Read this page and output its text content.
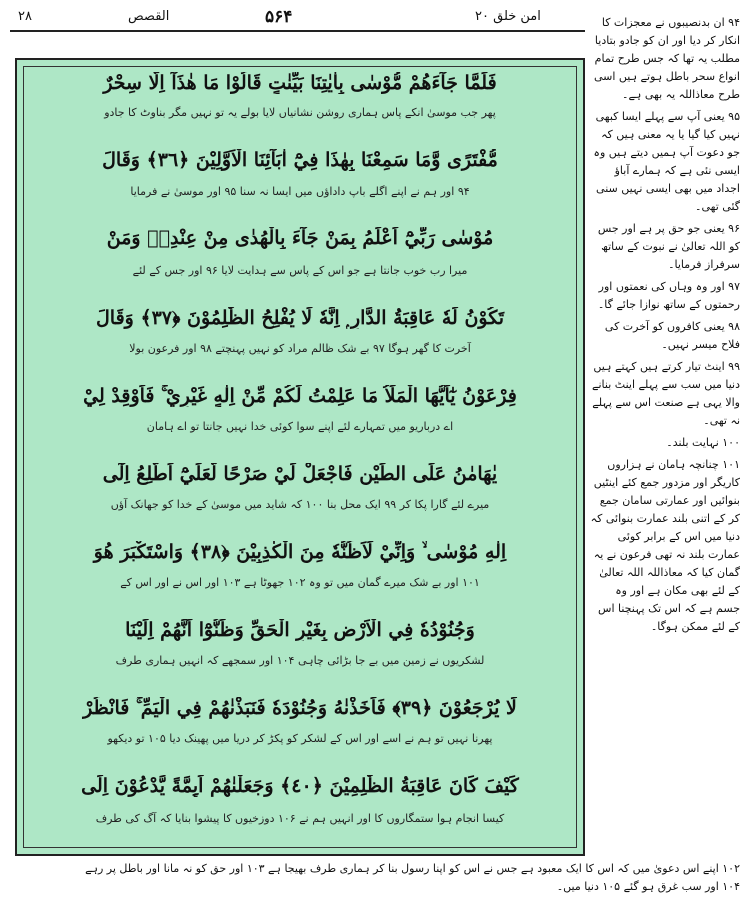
۲۸	القصص	۵۶۴	امن خلق ۲۰
فَلَمَّا جَآءَهُمْ مُّوْسٰى بِاٰيٰتِنَا بَيِّنٰتٍ قَالُوْا مَا هٰذَآ اِلَّا سِحْرٌ
پھر جب موسیٰ انکے پاس ہماری روشن نشانیاں لایا بولے یہ تو نہیں مگر بناوٹ کا جادو
مُّفْتَرًى وَّمَا سَمِعْنَا بِهٰذَا فِيْٓ اٰبَآئِنَا الْاَوَّلِيْنَ ﴿٣٦﴾ وَقَالَ
۹۴ اور ہم نے اپنے اگلے باپ داداؤں میں ایسا نہ سنا ۹۵ اور موسیٰ نے فرمایا
مُوْسٰى رَبِّيْٓ اَعْلَمُ بِمَنْ جَآءَ بِالْهُدٰى مِنْ عِنْدِهٖ وَمَنْ
میرا رب خوب جانتا ہے جو اس کے پاس سے ہدایت لایا ۹۶ اور جس کے لئے
تَكُوْنُ لَهٗ عَاقِبَةُ الدَّارِ ۭ اِنَّهٗ لَا يُفْلِحُ الظّٰلِمُوْنَ ﴿٣٧﴾ وَقَالَ
آخرت کا گھر ہوگا ۹۷ بے شک ظالم مراد کو نہیں پہنچتے ۹۸ اور فرعون بولا
فِرْعَوْنُ يٰٓاَيُّهَا الْمَلَاُ مَا عَلِمْتُ لَكُمْ مِّنْ اِلٰهٍ غَيْرِيْ ۚ فَاَوْقِدْ لِيْ
اے درباریو میں تمہارے لئے اپنے سوا کوئی خدا نہیں جانتا تو اے ہامان
يٰهَامٰنُ عَلَى الطِّيْنِ فَاجْعَلْ لِّيْ صَرْحًا لَّعَلِّيْٓ اَطَّلِعُ اِلٰٓى
میرے لئے گارا پکا کر ۹۹ ایک محل بنا ۱۰۰ کہ شاید میں موسیٰ کے خدا کو جھانک آؤں
اِلٰهِ مُوْسٰى ۙ وَاِنِّيْ لَاَظُنُّهٗ مِنَ الْكٰذِبِيْنَ ﴿٣٨﴾ وَاسْتَكْبَرَ هُوَ
۱۰۱ اور بے شک میرے گمان میں تو وہ ۱۰۲ جھوٹا ہے ۱۰۳ اور اس نے اور اس کے
وَجُنُوْدُهٗ فِي الْاَرْضِ بِغَيْرِ الْحَقِّ وَظَنُّوْٓا اَنَّهُمْ اِلَيْنَا
لشکریوں نے زمین میں بے جا بڑائی چاہی ۱۰۴ اور سمجھے کہ انہیں ہماری طرف
لَا يُرْجَعُوْنَ ﴿٣٩﴾ فَاَخَذْنٰهُ وَجُنُوْدَهٗ فَنَبَذْنٰهُمْ فِي الْيَمِّ ۚ فَانْظُرْ
پھرنا نہیں تو ہم نے اسے اور اس کے لشکر کو پکڑ کر دریا میں پھینک دیا ۱۰۵ تو دیکھو
كَيْفَ كَانَ عَاقِبَةُ الظّٰلِمِيْنَ ﴿٤٠﴾ وَجَعَلْنٰهُمْ اَىِٕمَّةً يَّدْعُوْنَ اِلَى
کیسا انجام ہوا ستمگاروں کا اور انہیں ہم نے ۱۰۶ دوزخیوں کا پیشوا بنایا کہ آگ کی طرف
۹۴ ان بدنصیبوں نے معجزات کا انکار کر دیا اور ان کو جادو بتادیا مطلب یہ تھا کہ جس طرح تمام انواع سحر باطل ہوتے ہیں اسی طرح معاذاللہ یہ بھی ہے۔
۹۵ یعنی آپ سے پہلے ایسا کبھی نہیں کیا گیا یا یہ معنی ہیں کہ جو دعوت آپ ہمیں دیتے ہیں وہ ایسی نئی ہے کہ ہمارے آباؤ اجداد میں بھی ایسی نہیں سنی گئی تھی۔
۹۶ یعنی جو حق پر ہے اور جس کو اللہ تعالیٰ نے نبوت کے ساتھ سرفراز فرمایا۔
۹۷ اور وہ وہاں کی نعمتوں اور رحمتوں کے ساتھ نوازا جائے گا۔
۹۸ یعنی کافروں کو آخرت کی فلاح میسر نہیں۔
۹۹ اینٹ تیار کرتے ہیں کہتے ہیں دنیا میں سب سے پہلے اینٹ بنانے والا یہی ہے صنعت اس سے پہلے نہ تھی۔
۱۰۰ نہایت بلند۔
۱۰۱ چنانچہ ہامان نے ہزاروں کاریگر اور مزدور جمع کئے اینٹیں بنوائیں اور عمارتی سامان جمع کر کے اتنی بلند عمارت بنوائی کہ دنیا میں اس کے برابر کوئی عمارت بلند نہ تھی فرعون نے یہ گمان کیا کہ معاذاللہ اللہ تعالیٰ کے لئے بھی مکان ہے اور وہ جسم ہے کہ اس تک پہنچنا اس کے لئے ممکن ہوگا۔
۱۰۲ اپنے اس دعویٰ میں کہ اس کا ایک معبود ہے جس نے اس کو اپنا رسول بنا کر ہماری طرف بھیجا ہے ۱۰۳ اور حق کو نہ مانا اور باطل پر رہے
۱۰۴ اور سب غرق ہو گئے ۱۰۵ دنیا میں۔
